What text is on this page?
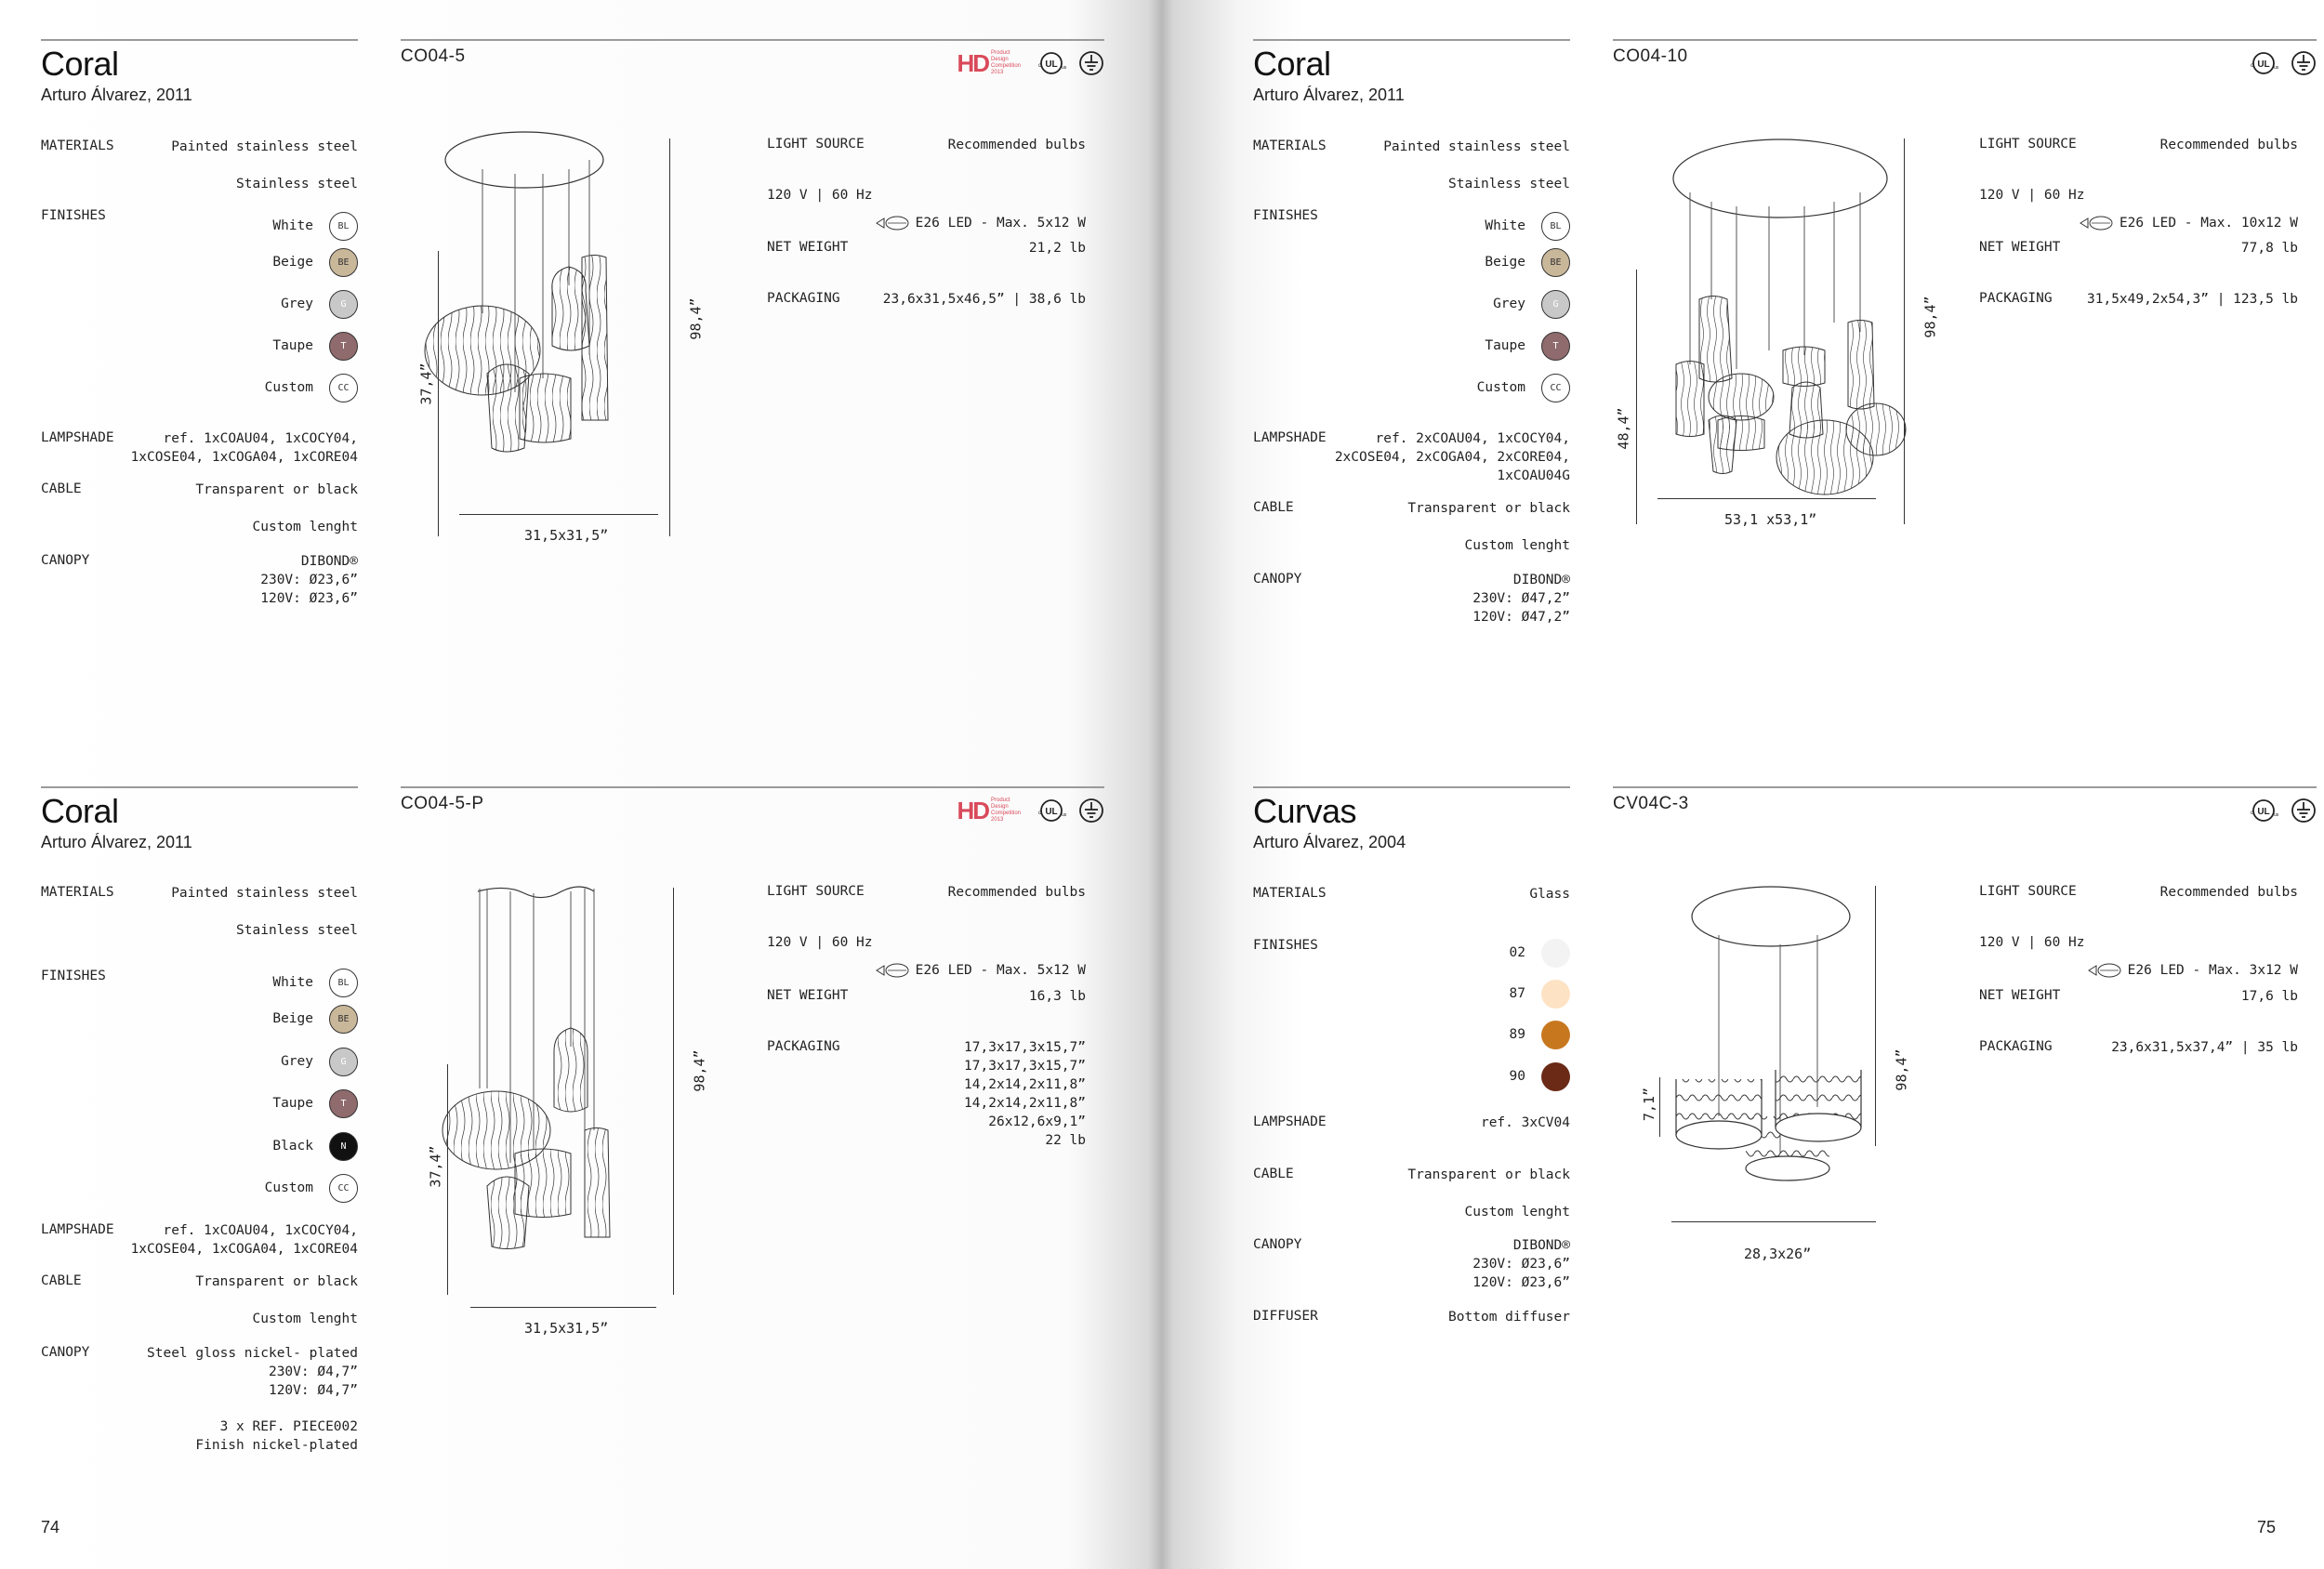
Coral
Arturo Álvarez, 2011
MATERIALS	Painted stainless steel
Stainless steel
FINISHES
White	BL
Beige	BE
Grey	G
Taupe	T
Custom	CC
LAMPSHADE	ref. 1xCOAU04, 1xCOCY04,
1xCOSE04, 1xCOGA04, 1xCORE04
CABLE	Transparent or black
Custom lenght
CANOPY	DIBOND®
230V: Ø23,6”
120V: Ø23,6”
CO04-5	HD Product Design Competition 2013
UL
c	us
37,4”
98,4”
31,5x31,5”
LIGHT SOURCE	Recommended bulbs
120 V | 60 Hz

E26 LED - Max. 5x12 W

NET WEIGHT	21,2 lb
PACKAGING	23,6x31,5x46,5” | 38,6 lb
Coral
Arturo Álvarez, 2011
MATERIALS	Painted stainless steel
Stainless steel
FINISHES
White	BL
Beige	BE
Grey	G
Taupe	T
Custom	CC
LAMPSHADE	ref. 2xCOAU04, 1xCOCY04,
2xCOSE04, 2xCOGA04, 2xCORE04,
1xCOAU04G
CABLE	Transparent or black
Custom lenght
CANOPY	DIBOND®
230V: Ø47,2”
120V: Ø47,2”
CO04-10	UL
c	us
48,4”
98,4”
53,1 x53,1”
LIGHT SOURCE	Recommended bulbs
120 V | 60 Hz

E26 LED - Max. 10x12 W

NET WEIGHT	77,8 lb
PACKAGING	31,5x49,2x54,3” | 123,5 lb
Coral
Arturo Álvarez, 2011
MATERIALS	Painted stainless steel
Stainless steel
FINISHES	White	BL
Beige	BE
Grey	G
Taupe	T
Black	N
Custom	CC
LAMPSHADE	ref. 1xCOAU04, 1xCOCY04,
1xCOSE04, 1xCOGA04, 1xCORE04
CABLE	Transparent or black
Custom lenght
CANOPY	Steel gloss nickel- plated
230V: Ø4,7”
120V: Ø4,7”
3 x REF. PIECE002
Finish nickel-plated
CO04-5-P	HD Product Design Competition 2013
UL
c	us
37,4”
98,4”
31,5x31,5”
LIGHT SOURCE	Recommended bulbs
120 V | 60 Hz

E26 LED - Max. 5x12 W

NET WEIGHT	16,3 lb
PACKAGING	17,3x17,3x15,7”
17,3x17,3x15,7”
14,2x14,2x11,8”
14,2x14,2x11,8”
26x12,6x9,1”
22 lb
Curvas
Arturo Álvarez, 2004
MATERIALS	Glass
FINISHES	02
87
89
90
LAMPSHADE	ref. 3xCV04
CABLE	Transparent or black
Custom lenght
CANOPY	DIBOND®
230V: Ø23,6”
120V: Ø23,6”
DIFFUSER	Bottom diffuser
CV04C-3	UL
c	us
7,1”
98,4”
28,3x26”
LIGHT SOURCE	Recommended bulbs
120 V | 60 Hz

E26 LED - Max. 3x12 W

NET WEIGHT	17,6 lb
PACKAGING	23,6x31,5x37,4” | 35 lb
74	75
